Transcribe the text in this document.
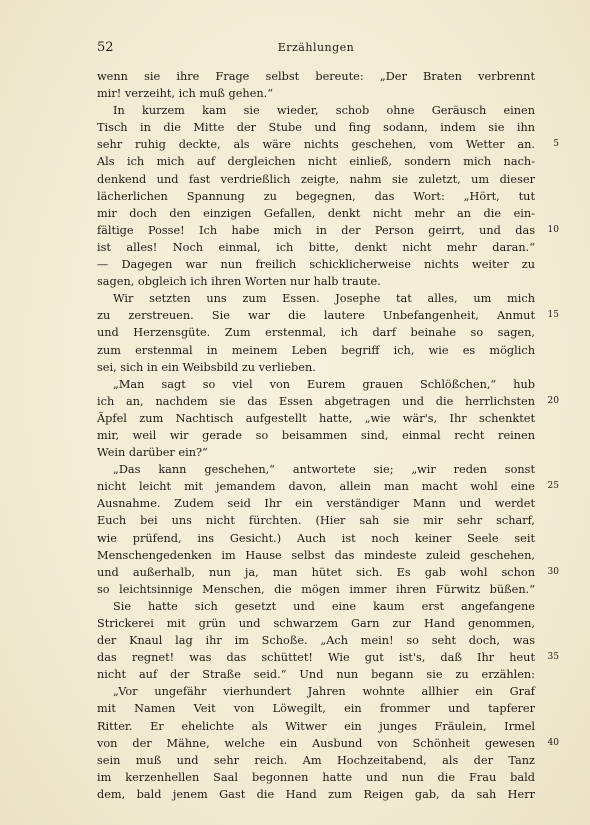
52	Erzählungen
wenn sie ihre Frage selbst bereute: „Der Braten verbrennt
mir! verzeiht, ich muß gehen.“
In kurzem kam sie wieder, schob ohne Geräusch einen
Tisch in die Mitte der Stube und fing sodann, indem sie ihn
sehr ruhig deckte, als wäre nichts geschehen, vom Wetter an. 5
Als ich mich auf dergleichen nicht einließ, sondern mich nach-
denkend und fast verdrießlich zeigte, nahm sie zuletzt, um dieser
lächerlichen Spannung zu begegnen, das Wort: „Hört, tut
mir doch den einzigen Gefallen, denkt nicht mehr an die ein-
fältige Posse! Ich habe mich in der Person geirrt, und das 10
ist alles! Noch einmal, ich bitte, denkt nicht mehr daran.“
— Dagegen war nun freilich schicklicherweise nichts weiter zu
sagen, obgleich ich ihren Worten nur halb traute.
Wir setzten uns zum Essen. Josephe tat alles, um mich
zu zerstreuen. Sie war die lautere Unbefangenheit, Anmut 15
und Herzensgüte. Zum erstenmal, ich darf beinahe so sagen,
zum erstenmal in meinem Leben begriff ich, wie es möglich
sei, sich in ein Weibsbild zu verlieben.
„Man sagt so viel von Eurem grauen Schlößchen,“ hub
ich an, nachdem sie das Essen abgetragen und die herrlichsten 20
Äpfel zum Nachtisch aufgestellt hatte, „wie wär's, Ihr schenktet
mir, weil wir gerade so beisammen sind, einmal recht reinen
Wein darüber ein?“
„Das kann geschehen,“ antwortete sie; „wir reden sonst
nicht leicht mit jemandem davon, allein man macht wohl eine 25
Ausnahme. Zudem seid Ihr ein verständiger Mann und werdet
Euch bei uns nicht fürchten. (Hier sah sie mir sehr scharf,
wie prüfend, ins Gesicht.) Auch ist noch keiner Seele seit
Menschengedenken im Hause selbst das mindeste zuleid geschehen,
und außerhalb, nun ja, man hütet sich. Es gab wohl schon 30
so leichtsinnige Menschen, die mögen immer ihren Fürwitz büßen.“
Sie hatte sich gesetzt und eine kaum erst angefangene
Strickerei mit grün und schwarzem Garn zur Hand genommen,
der Knaul lag ihr im Schoße. „Ach mein! so seht doch, was
das regnet! was das schüttet! Wie gut ist's, daß Ihr heut 35
nicht auf der Straße seid.“ Und nun begann sie zu erzählen:
„Vor ungefähr vierhundert Jahren wohnte allhier ein Graf
mit Namen Veit von Löwegilt, ein frommer und tapferer
Ritter. Er ehelichte als Witwer ein junges Fräulein, Irmel
von der Mähne, welche ein Ausbund von Schönheit gewesen 40
sein muß und sehr reich. Am Hochzeitabend, als der Tanz
im kerzenhellen Saal begonnen hatte und nun die Frau bald
dem, bald jenem Gast die Hand zum Reigen gab, da sah Herr
